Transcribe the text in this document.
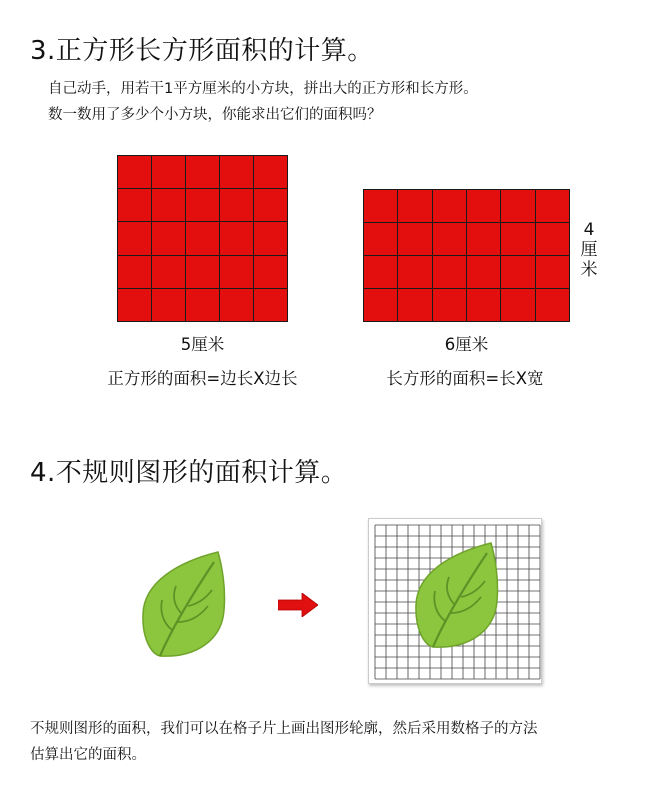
3.正方形长方形面积的计算。
自己动手，用若干1平方厘米的小方块，拼出大的正方形和长方形。
数一数用了多少个小方块，你能求出它们的面积吗？
5厘米
正方形的面积=边长X边长
4
厘
米
6厘米
长方形的面积=长X宽
4.不规则图形的面积计算。
不规则图形的面积，我们可以在格子片上画出图形轮廓，然后采用数格子的方法
估算出它的面积。
